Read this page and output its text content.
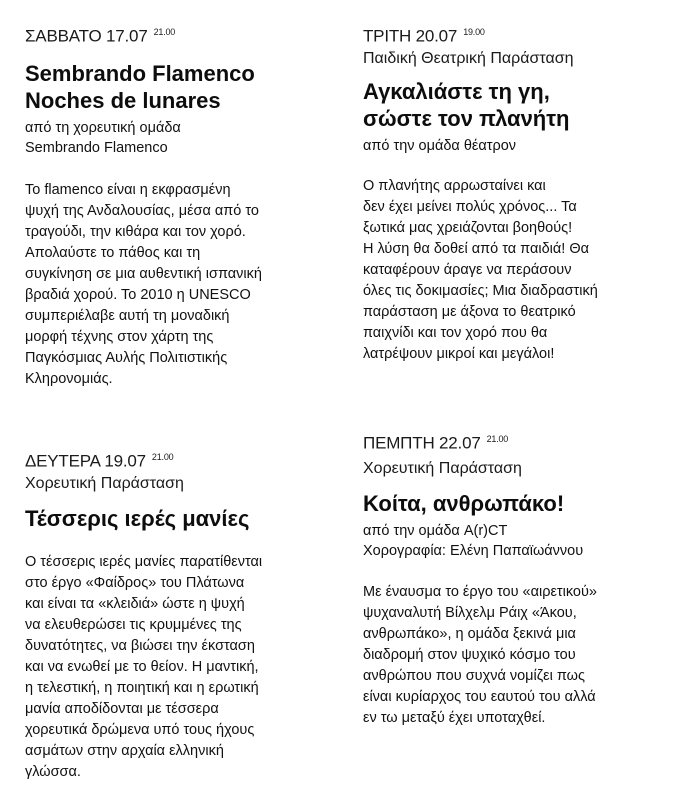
ΣΑΒΒΑΤΟ 17.07 $^{21.00}$
Sembrando Flamenco
Noches de lunares
από τη χορευτική ομάδα
Sembrando Flamenco
Το flamenco είναι η εκφρασμένη
ψυχή της Ανδαλουσίας, μέσα από το
τραγούδι, την κιθάρα και τον χορό.
Απολαύστε το πάθος και τη
συγκίνηση σε μια αυθεντική ισπανική
βραδιά χορού. Το 2010 η UNESCO
συμπεριέλαβε αυτή τη μοναδική
μορφή τέχνης στον χάρτη της
Παγκόσμιας Αυλής Πολιτιστικής
Κληρονομιάς.
ΤΡΙΤΗ 20.07 $^{19.00}$
Παιδική Θεατρική Παράσταση
Αγκαλιάστε τη γη,
σώστε τον πλανήτη
από την ομάδα θέατρον
Ο πλανήτης αρρωσταίνει και
δεν έχει μείνει πολύς χρόνος... Τα
ξωτικά μας χρειάζονται βοηθούς!
Η λύση θα δοθεί από τα παιδιά! Θα
καταφέρουν άραγε να περάσουν
όλες τις δοκιμασίες; Μια διαδραστική
παράσταση με άξονα το θεατρικό
παιχνίδι και τον χορό που θα
λατρέψουν μικροί και μεγάλοι!
ΔΕΥΤΕΡΑ 19.07 $^{21.00}$
Χορευτική Παράσταση
Τέσσερις ιερές μανίες
Ο τέσσερις ιερές μανίες παρατίθενται
στο έργο «Φαίδρος» του Πλάτωνα
και είναι τα «κλειδιά» ώστε η ψυχή
να ελευθερώσει τις κρυμμένες της
δυνατότητες, να βιώσει την έκσταση
και να ενωθεί με το θείον. Η μαντική,
η τελεστική, η ποιητική και η ερωτική
μανία αποδίδονται με τέσσερα
χορευτικά δρώμενα υπό τους ήχους
ασμάτων στην αρχαία ελληνική
γλώσσα.
ΠΕΜΠΤΗ 22.07 $^{21.00}$
Χορευτική Παράσταση
Κοίτα, ανθρωπάκο!
από την ομάδα A(r)CT
Χορογραφία: Ελένη Παπαϊωάννου
Με έναυσμα το έργο του «αιρετικού»
ψυχαναλυτή Βίλχελμ Ράιχ «Άκου,
ανθρωπάκο», η ομάδα ξεκινά μια
διαδρομή στον ψυχικό κόσμο του
ανθρώπου που συχνά νομίζει πως
είναι κυρίαρχος του εαυτού του αλλά
εν τω μεταξύ έχει υποταχθεί.
